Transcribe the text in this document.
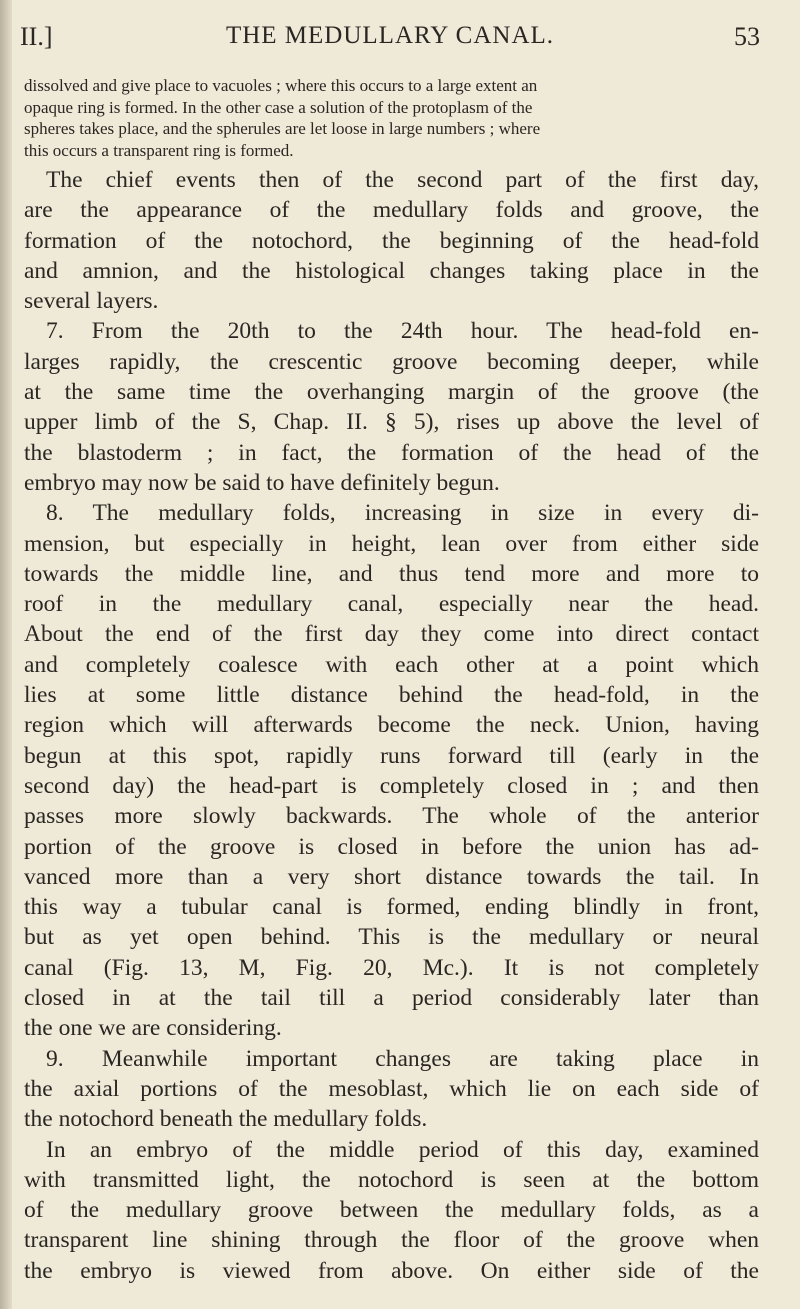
II.]	THE MEDULLARY CANAL.	53
dissolved and give place to vacuoles ; where this occurs to a large extent an
opaque ring is formed. In the other case a solution of the protoplasm of the
spheres takes place, and the spherules are let loose in large numbers ; where
this occurs a transparent ring is formed.
The chief events then of the second part of the first day,
are the appearance of the medullary folds and groove, the
formation of the notochord, the beginning of the head-fold
and amnion, and the histological changes taking place in the
several layers.
7. From the 20th to the 24th hour. The head-fold en-
larges rapidly, the crescentic groove becoming deeper, while
at the same time the overhanging margin of the groove (the
upper limb of the S, Chap. II. § 5), rises up above the level of
the blastoderm ; in fact, the formation of the head of the
embryo may now be said to have definitely begun.
8. The medullary folds, increasing in size in every di-
mension, but especially in height, lean over from either side
towards the middle line, and thus tend more and more to
roof in the medullary canal, especially near the head.
About the end of the first day they come into direct contact
and completely coalesce with each other at a point which
lies at some little distance behind the head-fold, in the
region which will afterwards become the neck. Union, having
begun at this spot, rapidly runs forward till (early in the
second day) the head-part is completely closed in ; and then
passes more slowly backwards. The whole of the anterior
portion of the groove is closed in before the union has ad-
vanced more than a very short distance towards the tail. In
this way a tubular canal is formed, ending blindly in front,
but as yet open behind. This is the medullary or neural
canal (Fig. 13, M, Fig. 20, Mc.). It is not completely
closed in at the tail till a period considerably later than
the one we are considering.
9. Meanwhile important changes are taking place in
the axial portions of the mesoblast, which lie on each side of
the notochord beneath the medullary folds.
In an embryo of the middle period of this day, examined
with transmitted light, the notochord is seen at the bottom
of the medullary groove between the medullary folds, as a
transparent line shining through the floor of the groove when
the embryo is viewed from above. On either side of the
